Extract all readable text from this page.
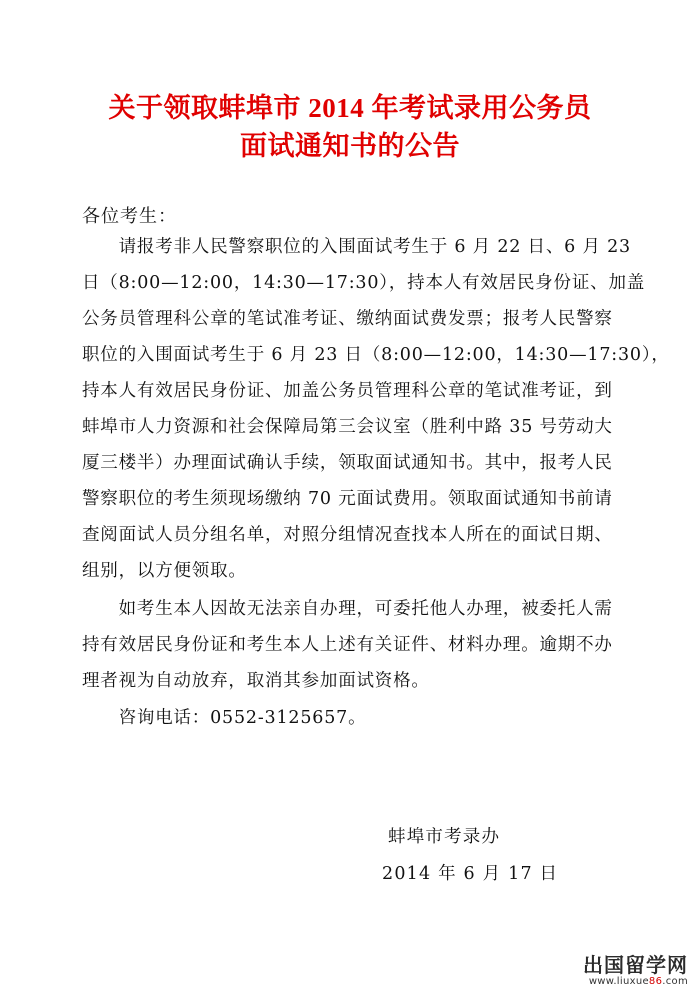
关于领取蚌埠市 2014 年考试录用公务员
面试通知书的公告
各位考生：
　　请报考非人民警察职位的入围面试考生于 6 月 22 日、6 月 23
日（8:00—12:00，14:30—17:30），持本人有效居民身份证、加盖
公务员管理科公章的笔试准考证、缴纳面试费发票；报考人民警察
职位的入围面试考生于 6 月 23 日（8:00—12:00，14:30—17:30），
持本人有效居民身份证、加盖公务员管理科公章的笔试准考证，到
蚌埠市人力资源和社会保障局第三会议室（胜利中路 35 号劳动大
厦三楼半）办理面试确认手续，领取面试通知书。其中，报考人民
警察职位的考生须现场缴纳 70 元面试费用。领取面试通知书前请
查阅面试人员分组名单，对照分组情况查找本人所在的面试日期、
组别，以方便领取。
　　如考生本人因故无法亲自办理，可委托他人办理，被委托人需
持有效居民身份证和考生本人上述有关证件、材料办理。逾期不办
理者视为自动放弃，取消其参加面试资格。
　　咨询电话：0552-3125657。
蚌埠市考录办
2014 年 6 月 17 日
出国留学网
www.liuxue86.com
